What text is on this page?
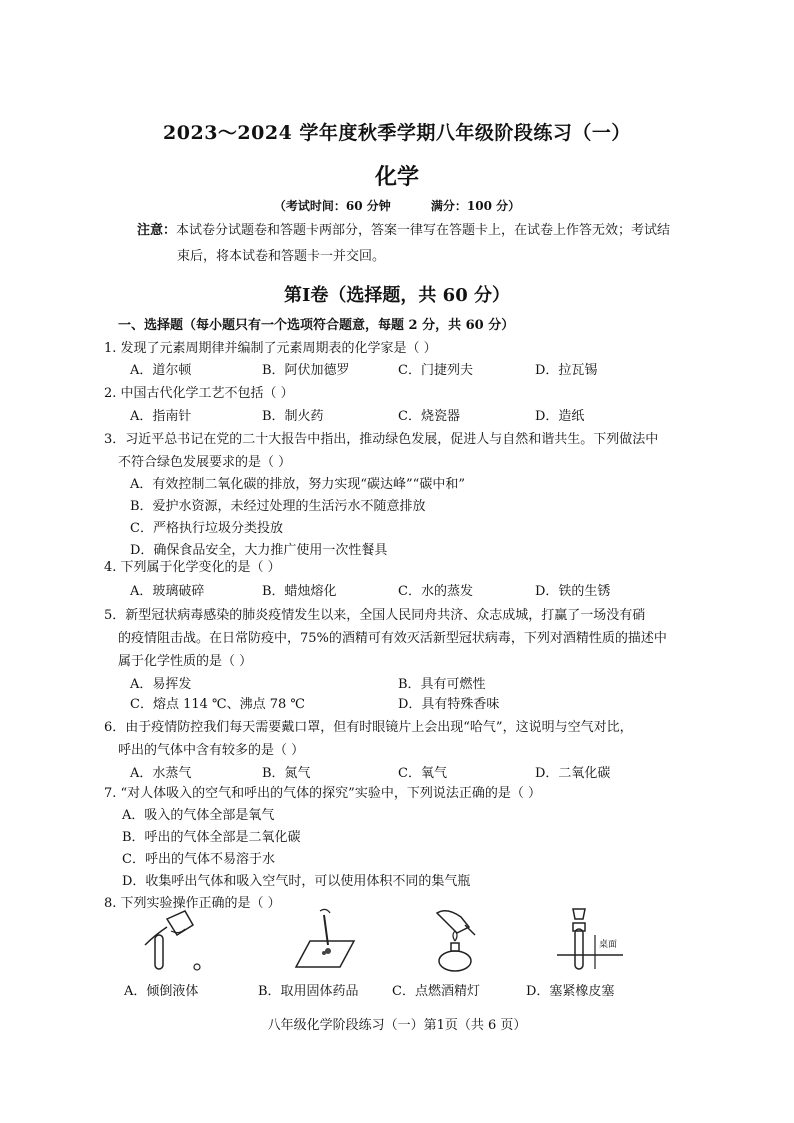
2023～2024 学年度秋季学期八年级阶段练习（一）
化学
（考试时间：60 分钟	满分：100 分）
注意：本试卷分试题卷和答题卡两部分，答案一律写在答题卡上，在试卷上作答无效；考试结
束后，将本试卷和答题卡一并交回。
第Ⅰ卷（选择题，共 60 分）
一、选择题（每小题只有一个选项符合题意，每题 2 分，共 60 分）
1. 发现了元素周期律并编制了元素周期表的化学家是（ ）
A．道尔顿	B．阿伏加德罗	C．门捷列夫	D．拉瓦锡
2. 中国古代化学工艺不包括（ ）
A．指南针	B．制火药	C．烧瓷器	D．造纸
3．习近平总书记在党的二十大报告中指出，推动绿色发展，促进人与自然和谐共生。下列做法中
不符合绿色发展要求的是（ ）
A．有效控制二氧化碳的排放，努力实现“碳达峰”“碳中和”
B．爱护水资源，未经过处理的生活污水不随意排放
C．严格执行垃圾分类投放
D．确保食品安全，大力推广使用一次性餐具
4. 下列属于化学变化的是（ ）
A．玻璃破碎	B．蜡烛熔化	C．水的蒸发	D．铁的生锈
5．新型冠状病毒感染的肺炎疫情发生以来，全国人民同舟共济、众志成城，打赢了一场没有硝
的疫情阻击战。在日常防疫中，75%的酒精可有效灭活新型冠状病毒，下列对酒精性质的描述中
属于化学性质的是（ ）
A．易挥发	B．具有可燃性
C．熔点 114 ℃、沸点 78 ℃	D．具有特殊香味
6．由于疫情防控我们每天需要戴口罩，但有时眼镜片上会出现“哈气”，这说明与空气对比，
呼出的气体中含有较多的是（ ）
A．水蒸气	B．氮气	C．氧气	D．二氧化碳
7. “对人体吸入的空气和呼出的气体的探究”实验中，下列说法正确的是（ ）
A．吸入的气体全部是氧气
B．呼出的气体全部是二氧化碳
C．呼出的气体不易溶于水
D．收集呼出气体和吸入空气时，可以使用体积不同的集气瓶
8. 下列实验操作正确的是（ ）
桌面
A．倾倒液体	B．取用固体药品	C．点燃酒精灯	D．塞紧橡皮塞
八年级化学阶段练习（一）第1页（共 6 页）
